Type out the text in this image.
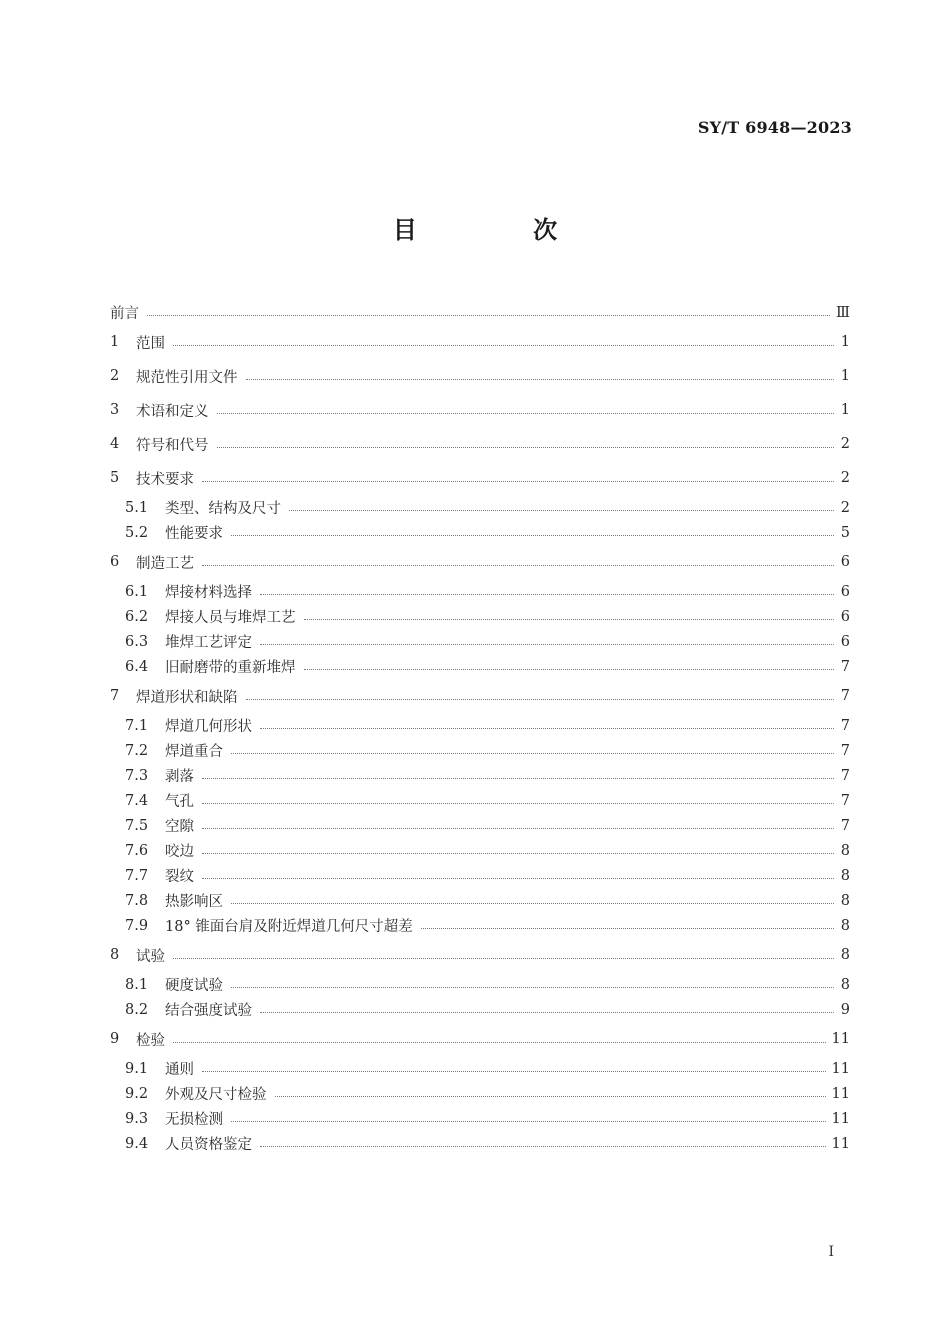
SY/T 6948—2023
目 次
前言	Ⅲ
1	范围	1
2	规范性引用文件	1
3	术语和定义	1
4	符号和代号	2
5	技术要求	2
5.1	类型、结构及尺寸	2
5.2	性能要求	5
6	制造工艺	6
6.1	焊接材料选择	6
6.2	焊接人员与堆焊工艺	6
6.3	堆焊工艺评定	6
6.4	旧耐磨带的重新堆焊	7
7	焊道形状和缺陷	7
7.1	焊道几何形状	7
7.2	焊道重合	7
7.3	剥落	7
7.4	气孔	7
7.5	空隙	7
7.6	咬边	8
7.7	裂纹	8
7.8	热影响区	8
7.9	18° 锥面台肩及附近焊道几何尺寸超差	8
8	试验	8
8.1	硬度试验	8
8.2	结合强度试验	9
9	检验	11
9.1	通则	11
9.2	外观及尺寸检验	11
9.3	无损检测	11
9.4	人员资格鉴定	11
I
